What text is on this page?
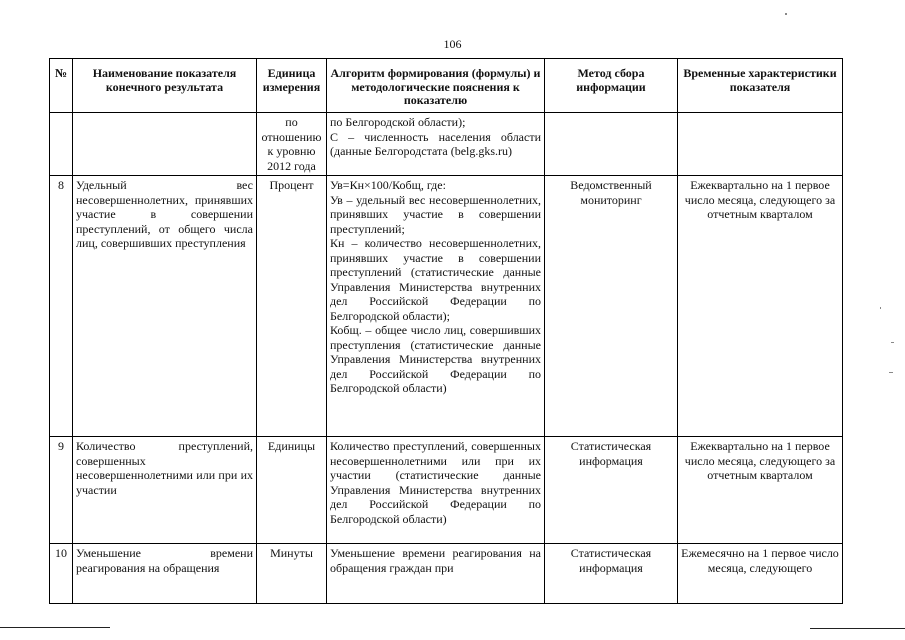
106
№	Наименование показателя конечного результата	Единица измерения	Алгоритм формирования (формулы) и методологические пояснения к показателю	Метод сбора информации	Временные характеристики показателя
		по отношению к уровню 2012 года	по Белгородской области);
С – численность населения области (данные Белгородстата (belg.gks.ru)		
8	Удельный вес несовершеннолетних, принявших участие в совершении преступлений, от общего числа лиц, совершивших преступления	Процент	Ув=Кн×100/Кобщ, где:
Ув – удельный вес несовершеннолетних, принявших участие в совершении преступлений;
Кн – количество несовершеннолетних, принявших участие в совершении преступлений (статистические данные Управления Министерства внутренних дел Российской Федерации по Белгородской области);
Кобщ. – общее число лиц, совершивших преступления (статистические данные Управления Министерства внутренних дел Российской Федерации по Белгородской области)	Ведомственный мониторинг	Ежеквартально на 1 первое число месяца, следующего за отчетным кварталом
9	Количество преступлений, совершенных несовершеннолетними или при их участии	Единицы	Количество преступлений, совершенных несовершеннолетними или при их участии (статистические данные Управления Министерства внутренних дел Российской Федерации по Белгородской области)	Статистическая информация	Ежеквартально на 1 первое число месяца, следующего за отчетным кварталом
10	Уменьшение времени реагирования на обращения	Минуты	Уменьшение времени реагирования на обращения граждан при	Статистическая информация	Ежемесячно на 1 первое число месяца, следующего
